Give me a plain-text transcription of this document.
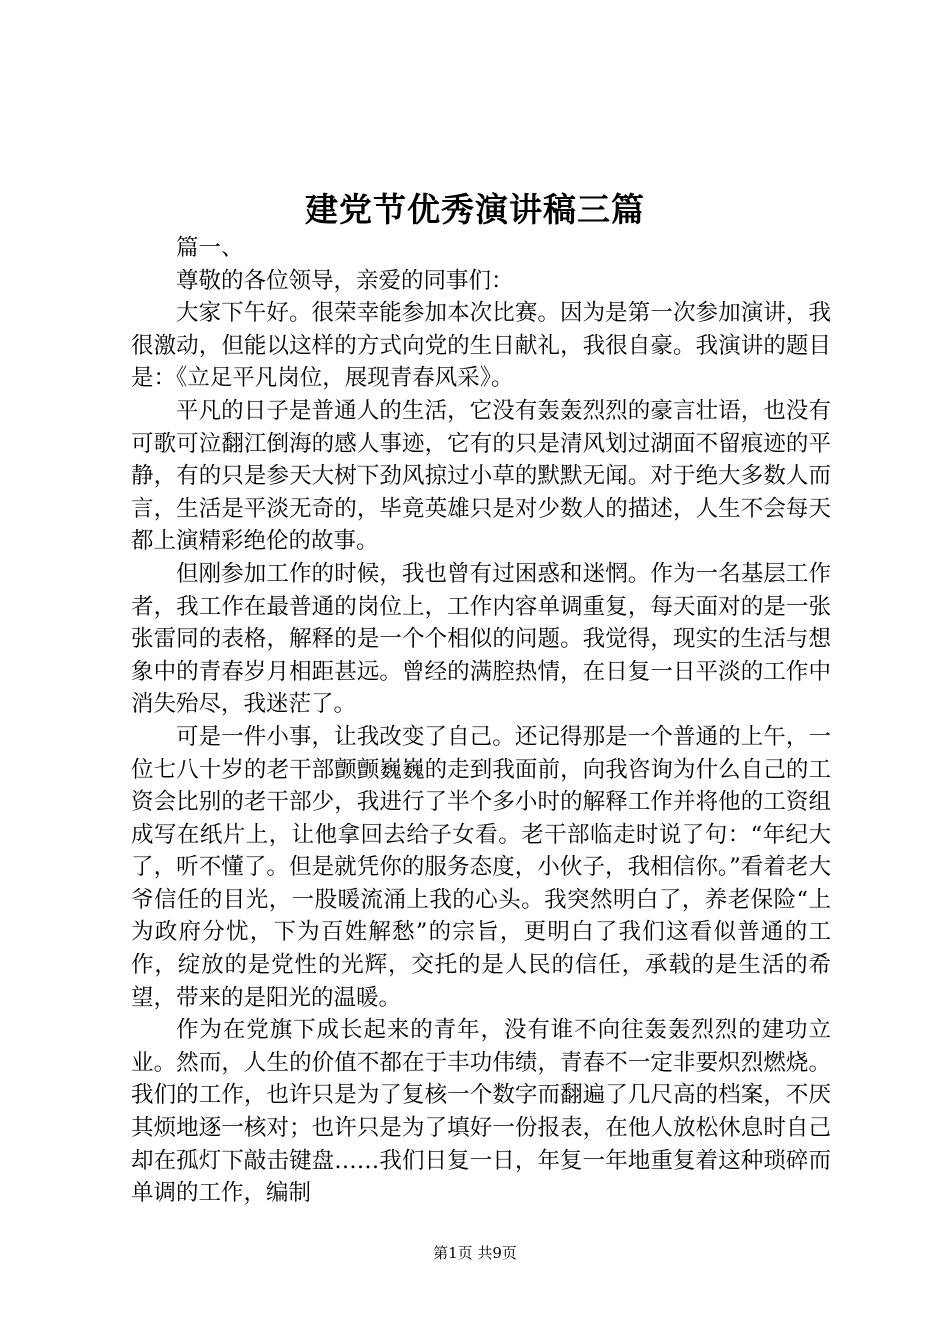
建党节优秀演讲稿三篇

篇一、

尊敬的各位领导，亲爱的同事们：

大家下午好。很荣幸能参加本次比赛。因为是第一次参加演讲，我很激动，但能以这样的方式向党的生日献礼，我很自豪。我演讲的题目是：《立足平凡岗位，展现青春风采》。

平凡的日子是普通人的生活，它没有轰轰烈烈的豪言壮语，也没有可歌可泣翻江倒海的感人事迹，它有的只是清风划过湖面不留痕迹的平静，有的只是参天大树下劲风掠过小草的默默无闻。对于绝大多数人而言，生活是平淡无奇的，毕竟英雄只是对少数人的描述，人生不会每天都上演精彩绝伦的故事。

但刚参加工作的时候，我也曾有过困惑和迷惘。作为一名基层工作者，我工作在最普通的岗位上，工作内容单调重复，每天面对的是一张张雷同的表格，解释的是一个个相似的问题。我觉得，现实的生活与想象中的青春岁月相距甚远。曾经的满腔热情，在日复一日平淡的工作中消失殆尽，我迷茫了。

可是一件小事，让我改变了自己。还记得那是一个普通的上午，一位七八十岁的老干部颤颤巍巍的走到我面前，向我咨询为什么自己的工资会比别的老干部少，我进行了半个多小时的解释工作并将他的工资组成写在纸片上，让他拿回去给子女看。老干部临走时说了句：“年纪大了，听不懂了。但是就凭你的服务态度，小伙子，我相信你。”看着老大爷信任的目光，一股暖流涌上我的心头。我突然明白了，养老保险“上为政府分忧，下为百姓解愁”的宗旨，更明白了我们这看似普通的工作，绽放的是党性的光辉，交托的是人民的信任，承载的是生活的希望，带来的是阳光的温暖。

作为在党旗下成长起来的青年，没有谁不向往轰轰烈烈的建功立业。然而，人生的价值不都在于丰功伟绩，青春不一定非要炽烈燃烧。我们的工作，也许只是为了复核一个数字而翻遍了几尺高的档案，不厌其烦地逐一核对；也许只是为了填好一份报表，在他人放松休息时自己却在孤灯下敲击键盘……我们日复一日，年复一年地重复着这种琐碎而单调的工作，编制

第1页 共9页
